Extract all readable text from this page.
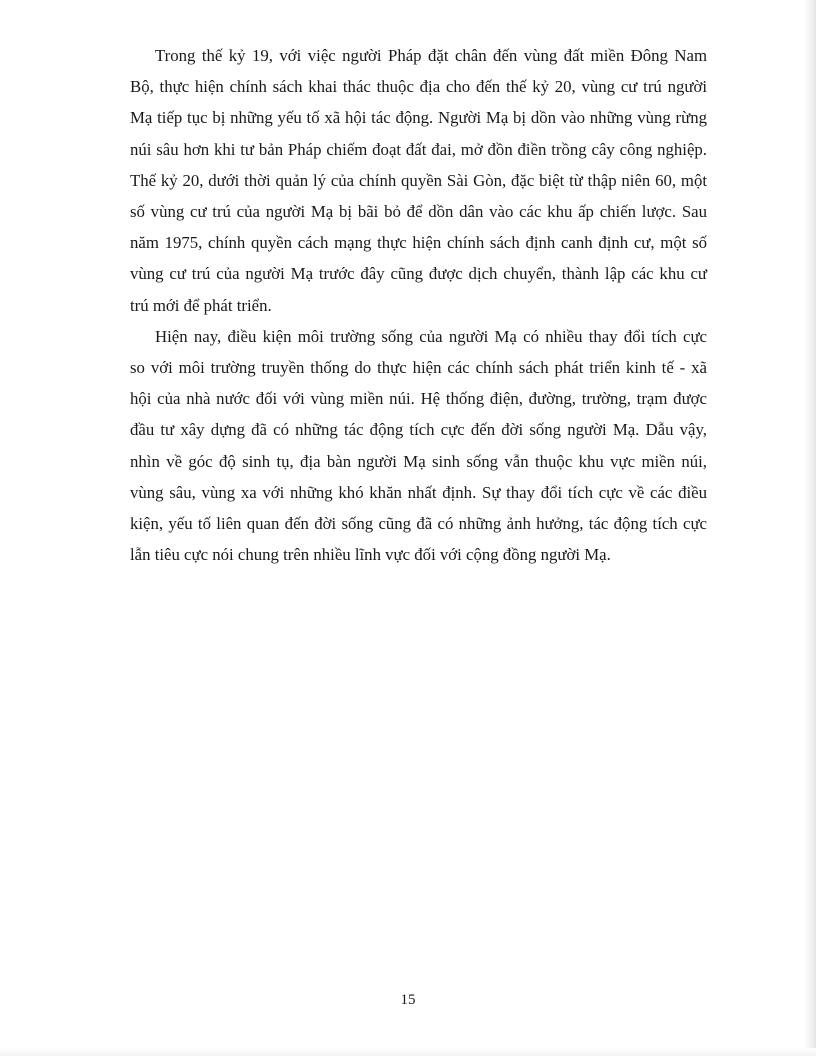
Trong thế kỷ 19, với việc người Pháp đặt chân đến vùng đất miền Đông Nam
Bộ, thực hiện chính sách khai thác thuộc địa cho đến thế kỷ 20, vùng cư trú người
Mạ tiếp tục bị những yếu tố xã hội tác động. Người Mạ bị dồn vào những vùng rừng
núi sâu hơn khi tư bản Pháp chiếm đoạt đất đai, mở đồn điền trồng cây công nghiệp.
Thế kỷ 20, dưới thời quản lý của chính quyền Sài Gòn, đặc biệt từ thập niên 60, một
số vùng cư trú của người Mạ bị bãi bỏ để dồn dân vào các khu ấp chiến lược. Sau
năm 1975, chính quyền cách mạng thực hiện chính sách định canh định cư, một số
vùng cư trú của người Mạ trước đây cũng được dịch chuyển, thành lập các khu cư
trú mới để phát triển.
Hiện nay, điều kiện môi trường sống của người Mạ có nhiều thay đổi tích cực
so với môi trường truyền thống do thực hiện các chính sách phát triển kinh tế - xã
hội của nhà nước đối với vùng miền núi. Hệ thống điện, đường, trường, trạm được
đầu tư xây dựng đã có những tác động tích cực đến đời sống người Mạ. Dẫu vậy,
nhìn về góc độ sinh tụ, địa bàn người Mạ sinh sống vẫn thuộc khu vực miền núi,
vùng sâu, vùng xa với những khó khăn nhất định. Sự thay đổi tích cực về các điều
kiện, yếu tố liên quan đến đời sống cũng đã có những ảnh hưởng, tác động tích cực
lẫn tiêu cực nói chung trên nhiều lĩnh vực đối với cộng đồng người Mạ.
15
